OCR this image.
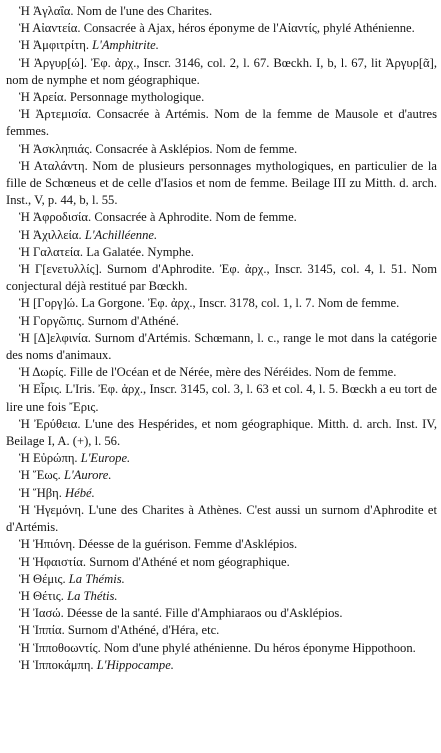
Ἡ Ἀγλαΐα. Nom de l'une des Charites.

Ἡ Αἰαντεία. Consacrée à Ajax, héros éponyme de l'Αἰαντίς, phylé Athénienne.

Ἡ Ἀμφιτρίτη. L'Amphitrite.

Ἡ Ἀργυρ[ώ]. Ἐφ. ἀρχ., Inscr. 3146, col. 2, l. 67. Bœckh. I, b, l. 67, lit Ἀργυρ[ᾶ], nom de nymphe et nom géographique.

Ἡ Ἀρεία. Personnage mythologique.

Ἡ Ἀρτεμισία. Consacrée à Artémis. Nom de la femme de Mausole et d'autres femmes.

Ἡ Ἀσκληπιάς. Consacrée à Asklépios. Nom de femme.

Ἡ Αταλάντη. Nom de plusieurs personnages mythologiques, en particulier de la fille de Schœneus et de celle d'Iasios et nom de femme. Beilage III zu Mitth. d. arch. Inst., V, p. 44, b, l. 55.

Ἡ Ἀφροδισία. Consacrée à Aphrodite. Nom de femme.

Ἡ Ἀχιλλεία. L'Achilléenne.

Ἡ Γαλατεία. La Galatée. Nymphe.

Ἡ Γ[ενετυλλίς]. Surnom d'Aphrodite. Ἐφ. ἀρχ., Inscr. 3145, col. 4, l. 51. Nom conjectural déjà restitué par Bœckh.

Ἡ [Γοργ]ώ. La Gorgone. Ἐφ. ἀρχ., Inscr. 3178, col. 1, l. 7. Nom de femme.

Ἡ Γοργῶπις. Surnom d'Athéné.

Ἡ [Δ]ελφινία. Surnom d'Artémis. Schœmann, l. c., range le mot dans la catégorie des noms d'animaux.

Ἡ Δωρίς. Fille de l'Océan et de Nérée, mère des Néréides. Nom de femme.

Ἡ Εἶρις. L'Iris. Ἐφ. ἀρχ., Inscr. 3145, col. 3, l. 63 et col. 4, l. 5. Bœckh a eu tort de lire une fois Ἔρις.

Ἡ Ἐρύθεια. L'une des Hespérides, et nom géographique. Mitth. d. arch. Inst. IV, Beilage I, A. (+), l. 56.

Ἡ Εὐρώπη. L'Europe.

Ἡ Ἕως. L'Aurore.

Ἡ Ἥβη. Hébé.

Ἡ Ἡγεμόνη. L'une des Charites à Athènes. C'est aussi un surnom d'Aphrodite et d'Artémis.

Ἡ Ἠπιόνη. Déesse de la guérison. Femme d'Asklépios.

Ἡ Ἡφαιστία. Surnom d'Athéné et nom géographique.

Ἡ Θέμις. La Thémis.

Ἡ Θέτις. La Thétis.

Ἡ Ἰασώ. Déesse de la santé. Fille d'Amphiaraos ou d'Asklépios.

Ἡ Ἱππία. Surnom d'Athéné, d'Héra, etc.

Ἡ Ἱπποθοωντίς. Nom d'une phylé athénienne. Du héros éponyme Hippothoon.

Ἡ Ἱπποκάμπη. L'Hippocampe.
